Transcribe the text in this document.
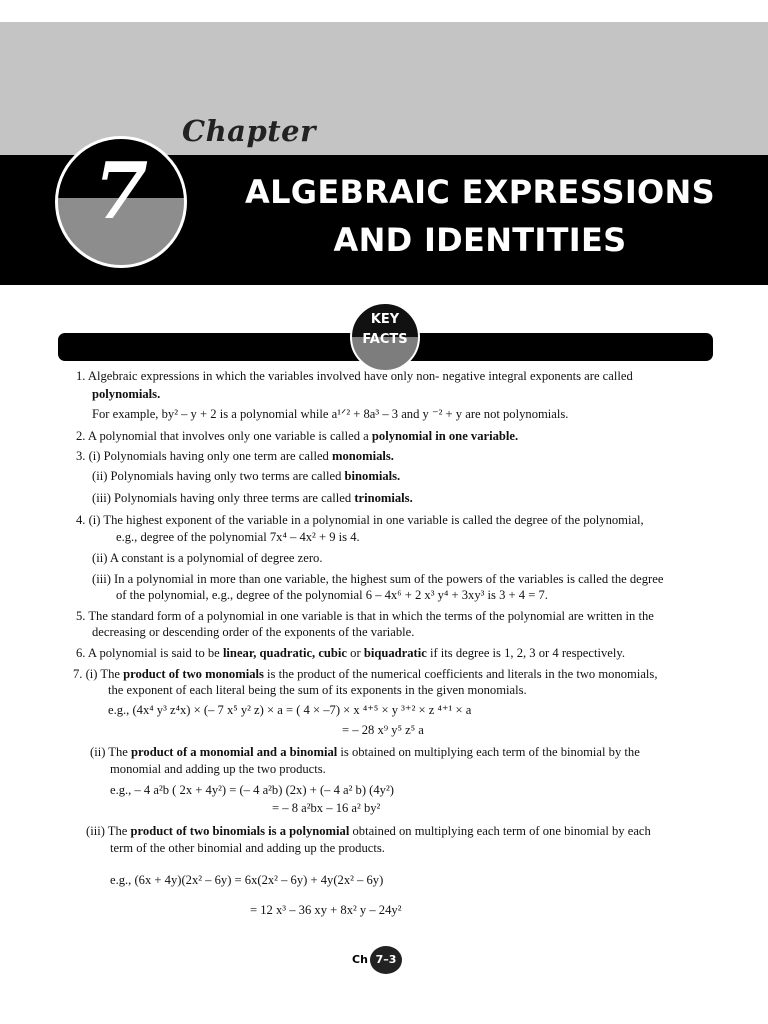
Chapter
7	ALGEBRAIC EXPRESSIONS
AND IDENTITIES
KEY
FACTS
1. Algebraic expressions in which the variables involved have only non- negative integral exponents are called
polynomials.
For example, by² – y + 2 is a polynomial while a¹ᐟ² + 8a³ – 3 and y ⁻² + y are not polynomials.
2. A polynomial that involves only one variable is called a polynomial in one variable.
3. (i) Polynomials having only one term are called monomials.
(ii) Polynomials having only two terms are called binomials.
(iii) Polynomials having only three terms are called trinomials.
4. (i) The highest exponent of the variable in a polynomial in one variable is called the degree of the polynomial,
e.g., degree of the polynomial 7x⁴ – 4x² + 9 is 4.
(ii) A constant is a polynomial of degree zero.
(iii) In a polynomial in more than one variable, the highest sum of the powers of the variables is called the degree
of the polynomial, e.g., degree of the polynomial 6 – 4x⁶ + 2 x³ y⁴ + 3xy³ is 3 + 4 = 7.
5. The standard form of a polynomial in one variable is that in which the terms of the polynomial are written in the
decreasing or descending order of the exponents of the variable.
6. A polynomial is said to be linear, quadratic, cubic or biquadratic if its degree is 1, 2, 3 or 4 respectively.
7. (i) The product of two monomials is the product of the numerical coefficients and literals in the two monomials,
the exponent of each literal being the sum of its exponents in the given monomials.
e.g., (4x⁴ y³ z⁴x) × (– 7 x⁵ y² z) × a = ( 4 × –7) × x ⁴⁺⁵ × y ³⁺² × z ⁴⁺¹ × a
= – 28 x⁹ y⁵ z⁵ a
(ii) The product of a monomial and a binomial is obtained on multiplying each term of the binomial by the
monomial and adding up the two products.
e.g., – 4 a²b ( 2x + 4y²) = (– 4 a²b) (2x) + (– 4 a² b) (4y²)
= – 8 a²bx – 16 a² by²
(iii) The product of two binomials is a polynomial obtained on multiplying each term of one binomial by each
term of the other binomial and adding up the products.
e.g., (6x + 4y)(2x² – 6y) = 6x(2x² – 6y) + 4y(2x² – 6y)
= 12 x³ – 36 xy + 8x² y – 24y²
Ch 7–3
